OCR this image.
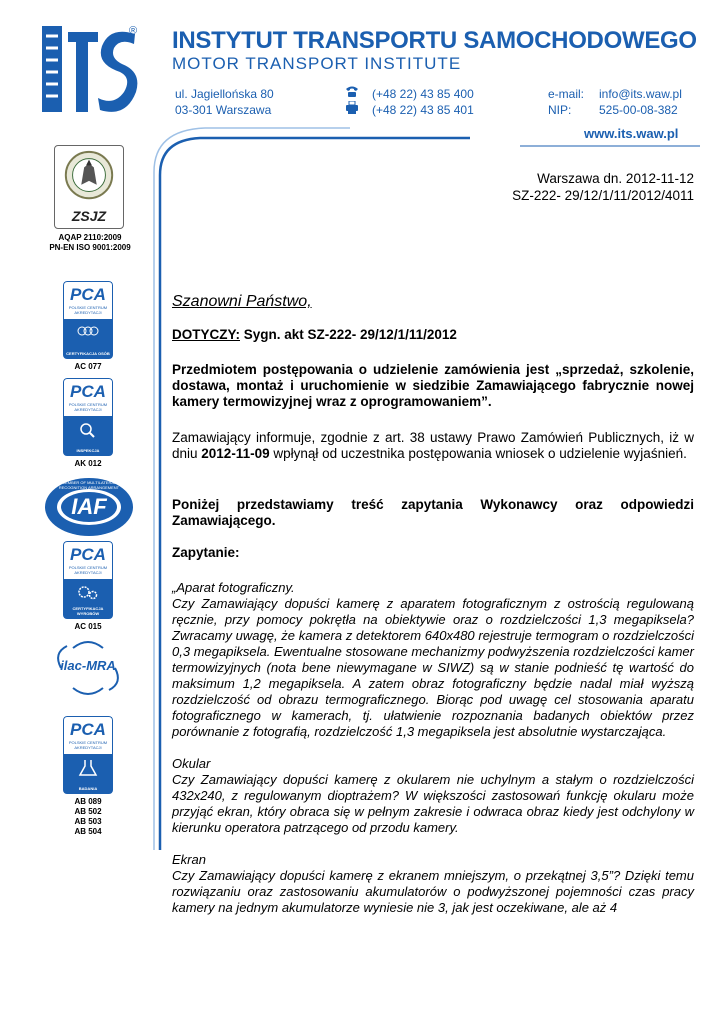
® INSTYTUT TRANSPORTU SAMOCHODOWEGO
MOTOR TRANSPORT INSTITUTE
ul. Jagiellońska 80
03-301 Warszawa
(+48 22) 43 85 400
(+48 22) 43 85 401
e-mail:
NIP:
info@its.waw.pl
525-00-08-382
www.its.waw.pl
ZSJZ
AQAP 2110:2009
PN-EN ISO 9001:2009
PCA
POLSKIE CENTRUM
AKREDYTACJI
CERTYFIKACJA OSÓB
AC 077
PCA
POLSKIE CENTRUM
AKREDYTACJI
INSPEKCJA
AK 012
MEMBER OF MULTILATERAL RECOGNITION ARRANGEMENT
IAF
PCA
POLSKIE CENTRUM
AKREDYTACJI
CERTYFIKACJA WYROBÓW
AC 015
ilac-MRA
PCA
POLSKIE CENTRUM
AKREDYTACJI
BADANIA
AB 089
AB 502
AB 503
AB 504
Warszawa dn. 2012-11-12
SZ-222- 29/12/1/11/2012/4011
Szanowni Państwo,
DOTYCZY: Sygn. akt SZ-222- 29/12/1/11/2012
Przedmiotem postępowania o udzielenie zamówienia jest „sprzedaż, szkolenie, dostawa, montaż i uruchomienie w siedzibie Zamawiającego fabrycznie nowej kamery termowizyjnej wraz z oprogramowaniem”.
Zamawiający informuje, zgodnie z art. 38 ustawy Prawo Zamówień Publicznych, iż w dniu 2012-11-09 wpłynął od uczestnika postępowania wniosek o udzielenie wyjaśnień.
Poniżej przedstawiamy treść zapytania Wykonawcy oraz odpowiedzi Zamawiającego.
Zapytanie:

„Aparat fotograficzny.
Czy Zamawiający dopuści kamerę z aparatem fotograficznym z ostrością regulowaną ręcznie, przy pomocy pokrętła na obiektywie oraz o rozdzielczości 1,3 megapiksela? Zwracamy uwagę, że kamera z detektorem 640x480 rejestruje termogram o rozdzielczości 0,3 megapiksela. Ewentualne stosowane mechanizmy podwyższenia rozdzielczości kamer termowizyjnych (nota bene niewymagane w SIWZ) są w stanie podnieść tę wartość do maksimum 1,2 megapiksela. A zatem obraz fotograficzny będzie nadal miał wyższą rozdzielczość od obrazu termograficznego. Biorąc pod uwagę cel stosowania aparatu fotograficznego w kamerach, tj. ułatwienie rozpoznania badanych obiektów przez porównanie z fotografią, rozdzielczość 1,3 megapiksela jest absolutnie wystarczająca.

Okular
Czy Zamawiający dopuści kamerę z okularem nie uchylnym a stałym o rozdzielczości 432x240, z regulowanym dioptrażem? W większości zastosowań funkcję okularu może przyjąć ekran, który obraca się w pełnym zakresie i odwraca obraz kiedy jest odchylony w kierunku operatora patrzącego od przodu kamery.

Ekran
Czy Zamawiający dopuści kamerę z ekranem mniejszym, o przekątnej 3,5”? Dzięki temu rozwiązaniu oraz zastosowaniu akumulatorów o podwyższonej pojemności czas pracy kamery na jednym akumulatorze wyniesie nie 3, jak jest oczekiwane, ale aż 4
